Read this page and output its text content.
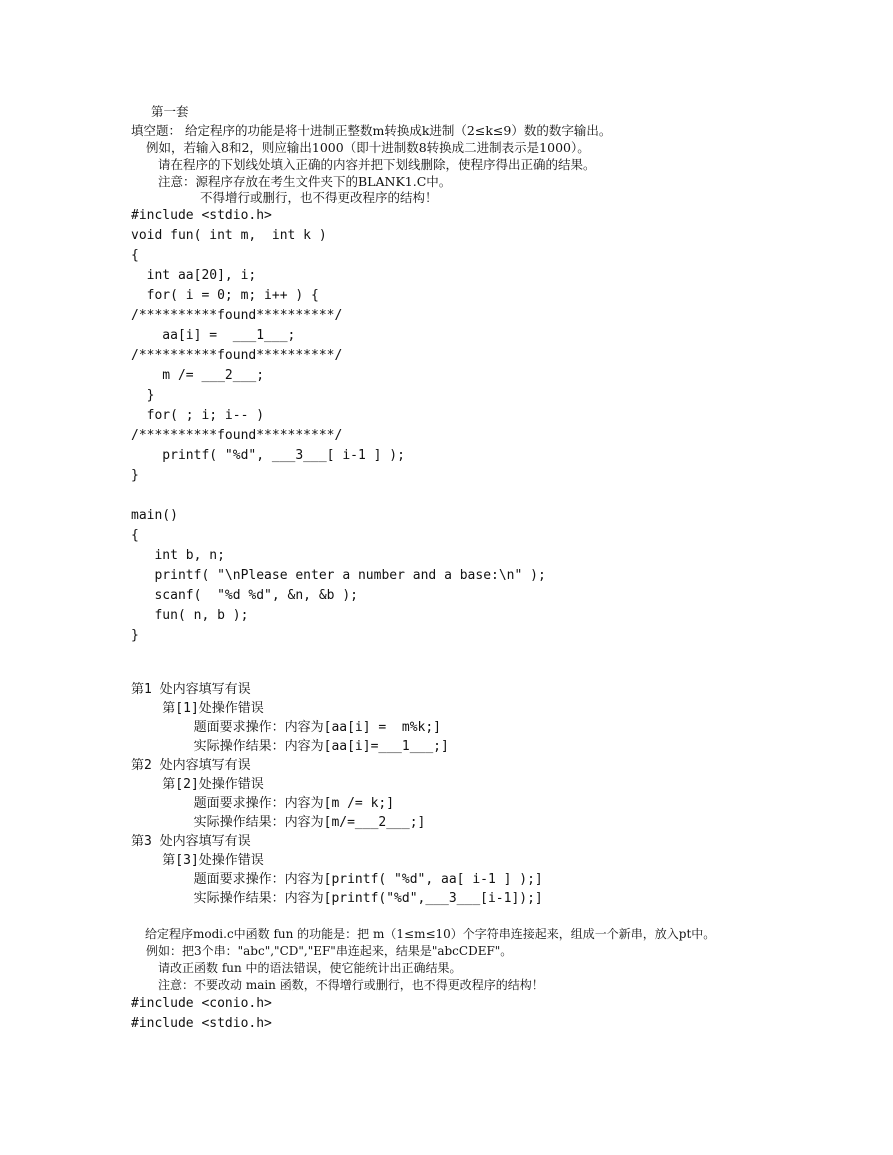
第一套
填空题： 给定程序的功能是将十进制正整数m转换成k进制（2≤k≤9）数的数字输出。
例如，若输入8和2，则应输出1000（即十进制数8转换成二进制表示是1000）。
请在程序的下划线处填入正确的内容并把下划线删除，使程序得出正确的结果。
注意：源程序存放在考生文件夹下的BLANK1.C中。
不得增行或删行，也不得更改程序的结构！
#include <stdio.h>
void fun( int m,  int k )
{
int aa[20], i;
for( i = 0; m; i++ ) {
/**********found**********/
aa[i] =  ___1___;
/**********found**********/
m /= ___2___;
}
for( ; i; i-- )
/**********found**********/
printf( "%d", ___3___[ i-1 ] );
}
main()
{
int b, n;
printf( "\nPlease enter a number and a base:\n" );
scanf(  "%d %d", &n, &b );
fun( n, b );
}
第1 处内容填写有误
第[1]处操作错误
题面要求操作：内容为[aa[i] =  m%k;]
实际操作结果：内容为[aa[i]=___1___;]
第2 处内容填写有误
第[2]处操作错误
题面要求操作：内容为[m /= k;]
实际操作结果：内容为[m/=___2___;]
第3 处内容填写有误
第[3]处操作错误
题面要求操作：内容为[printf( "%d", aa[ i-1 ] );]
实际操作结果：内容为[printf("%d",___3___[i-1]);]
给定程序modi.c中函数 fun 的功能是：把 m（1≤m≤10）个字符串连接起来，组成一个新串，放入pt中。
例如：把3个串："abc","CD","EF"串连起来，结果是"abcCDEF"。
请改正函数 fun 中的语法错误，使它能统计出正确结果。
注意：不要改动 main 函数，不得增行或删行，也不得更改程序的结构！
#include <conio.h>
#include <stdio.h>
